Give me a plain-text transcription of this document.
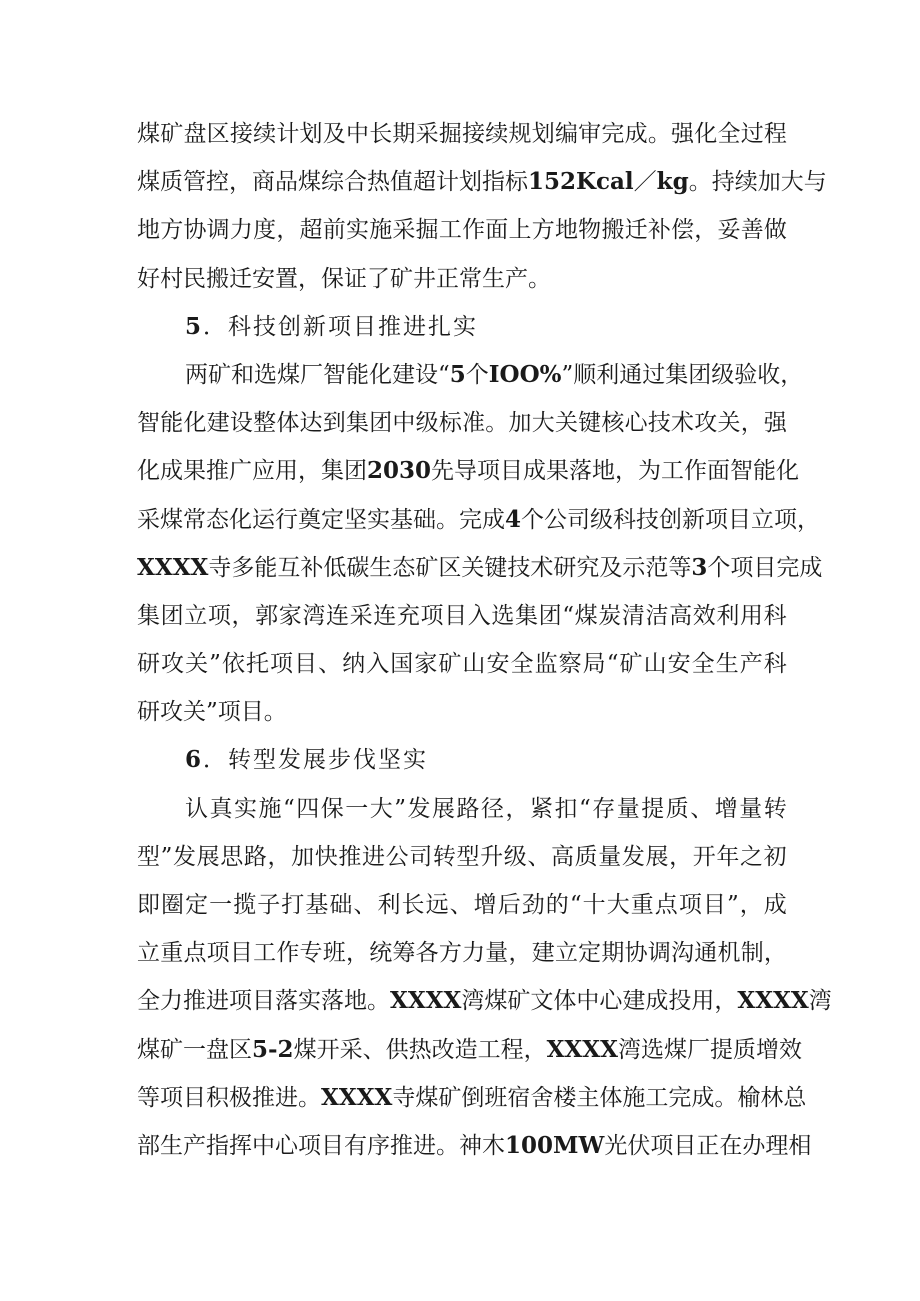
煤 矿 盘 区 接 续 计 划 及 中 长 期 采 掘 接 续 规 划 编 审 完 成 。 强 化 全 过 程
煤 质 管 控 ， 商 品 煤 综 合 热 值 超 计 划 指 标 152Kcal ／ kg 。 持 续 加 大 与
地 方 协 调 力 度 ， 超 前 实 施 采 掘 工 作 面 上 方 地 物 搬 迁 补 偿 ， 妥 善 做
好村民搬迁安置，保证了矿井正常生产。
5．科技创新项目推进扎实
两 矿 和 选 煤 厂 智 能 化 建 设 “ 5 个 IOO% ” 顺 利 通 过 集 团 级 验 收 ，
智 能 化 建 设 整 体 达 到 集 团 中 级 标 准 。 加 大 关 键 核 心 技 术 攻 关 ， 强
化 成 果 推 广 应 用 ， 集 团 2030 先 导 项 目 成 果 落 地 ， 为 工 作 面 智 能 化
采 煤 常 态 化 运 行 奠 定 坚 实 基 础 。 完 成 4 个 公 司 级 科 技 创 新 项 目 立 项 ，
XXXX 寺 多 能 互 补 低 碳 生 态 矿 区 关 键 技 术 研 究 及 示 范 等 3 个 项 目 完 成
集 团 立 项 ， 郭 家 湾 连 采 连 充 项 目 入 选 集 团 “ 煤 炭 清 洁 高 效 利 用 科
研 攻 关 ” 依 托 项 目 、 纳 入 国 家 矿 山 安 全 监 察 局 “ 矿 山 安 全 生 产 科
研攻关”项目。
6．转型发展步伐坚实
认 真 实 施 “ 四 保 一 大 ” 发 展 路 径 ， 紧 扣 “ 存 量 提 质 、 增 量 转
型 ” 发 展 思 路 ， 加 快 推 进 公 司 转 型 升 级 、 高 质 量 发 展 ， 开 年 之 初
即 圈 定 一 揽 子 打 基 础 、 利 长 远 、 增 后 劲 的 “ 十 大 重 点 项 目 ” ， 成
立 重 点 项 目 工 作 专 班 ， 统 筹 各 方 力 量 ， 建 立 定 期 协 调 沟 通 机 制 ，
全 力 推 进 项 目 落 实 落 地 。 XXXX 湾 煤 矿 文 体 中 心 建 成 投 用 ， XXXX 湾
煤 矿 一 盘 区 5-2 煤 开 采 、 供 热 改 造 工 程 ， XXXX 湾 选 煤 厂 提 质 增 效
等 项 目 积 极 推 进 。 XXXX 寺 煤 矿 倒 班 宿 舍 楼 主 体 施 工 完 成 。 榆 林 总
部 生 产 指 挥 中 心 项 目 有 序 推 进 。 神 木 100MW 光 伏 项 目 正 在 办 理 相
